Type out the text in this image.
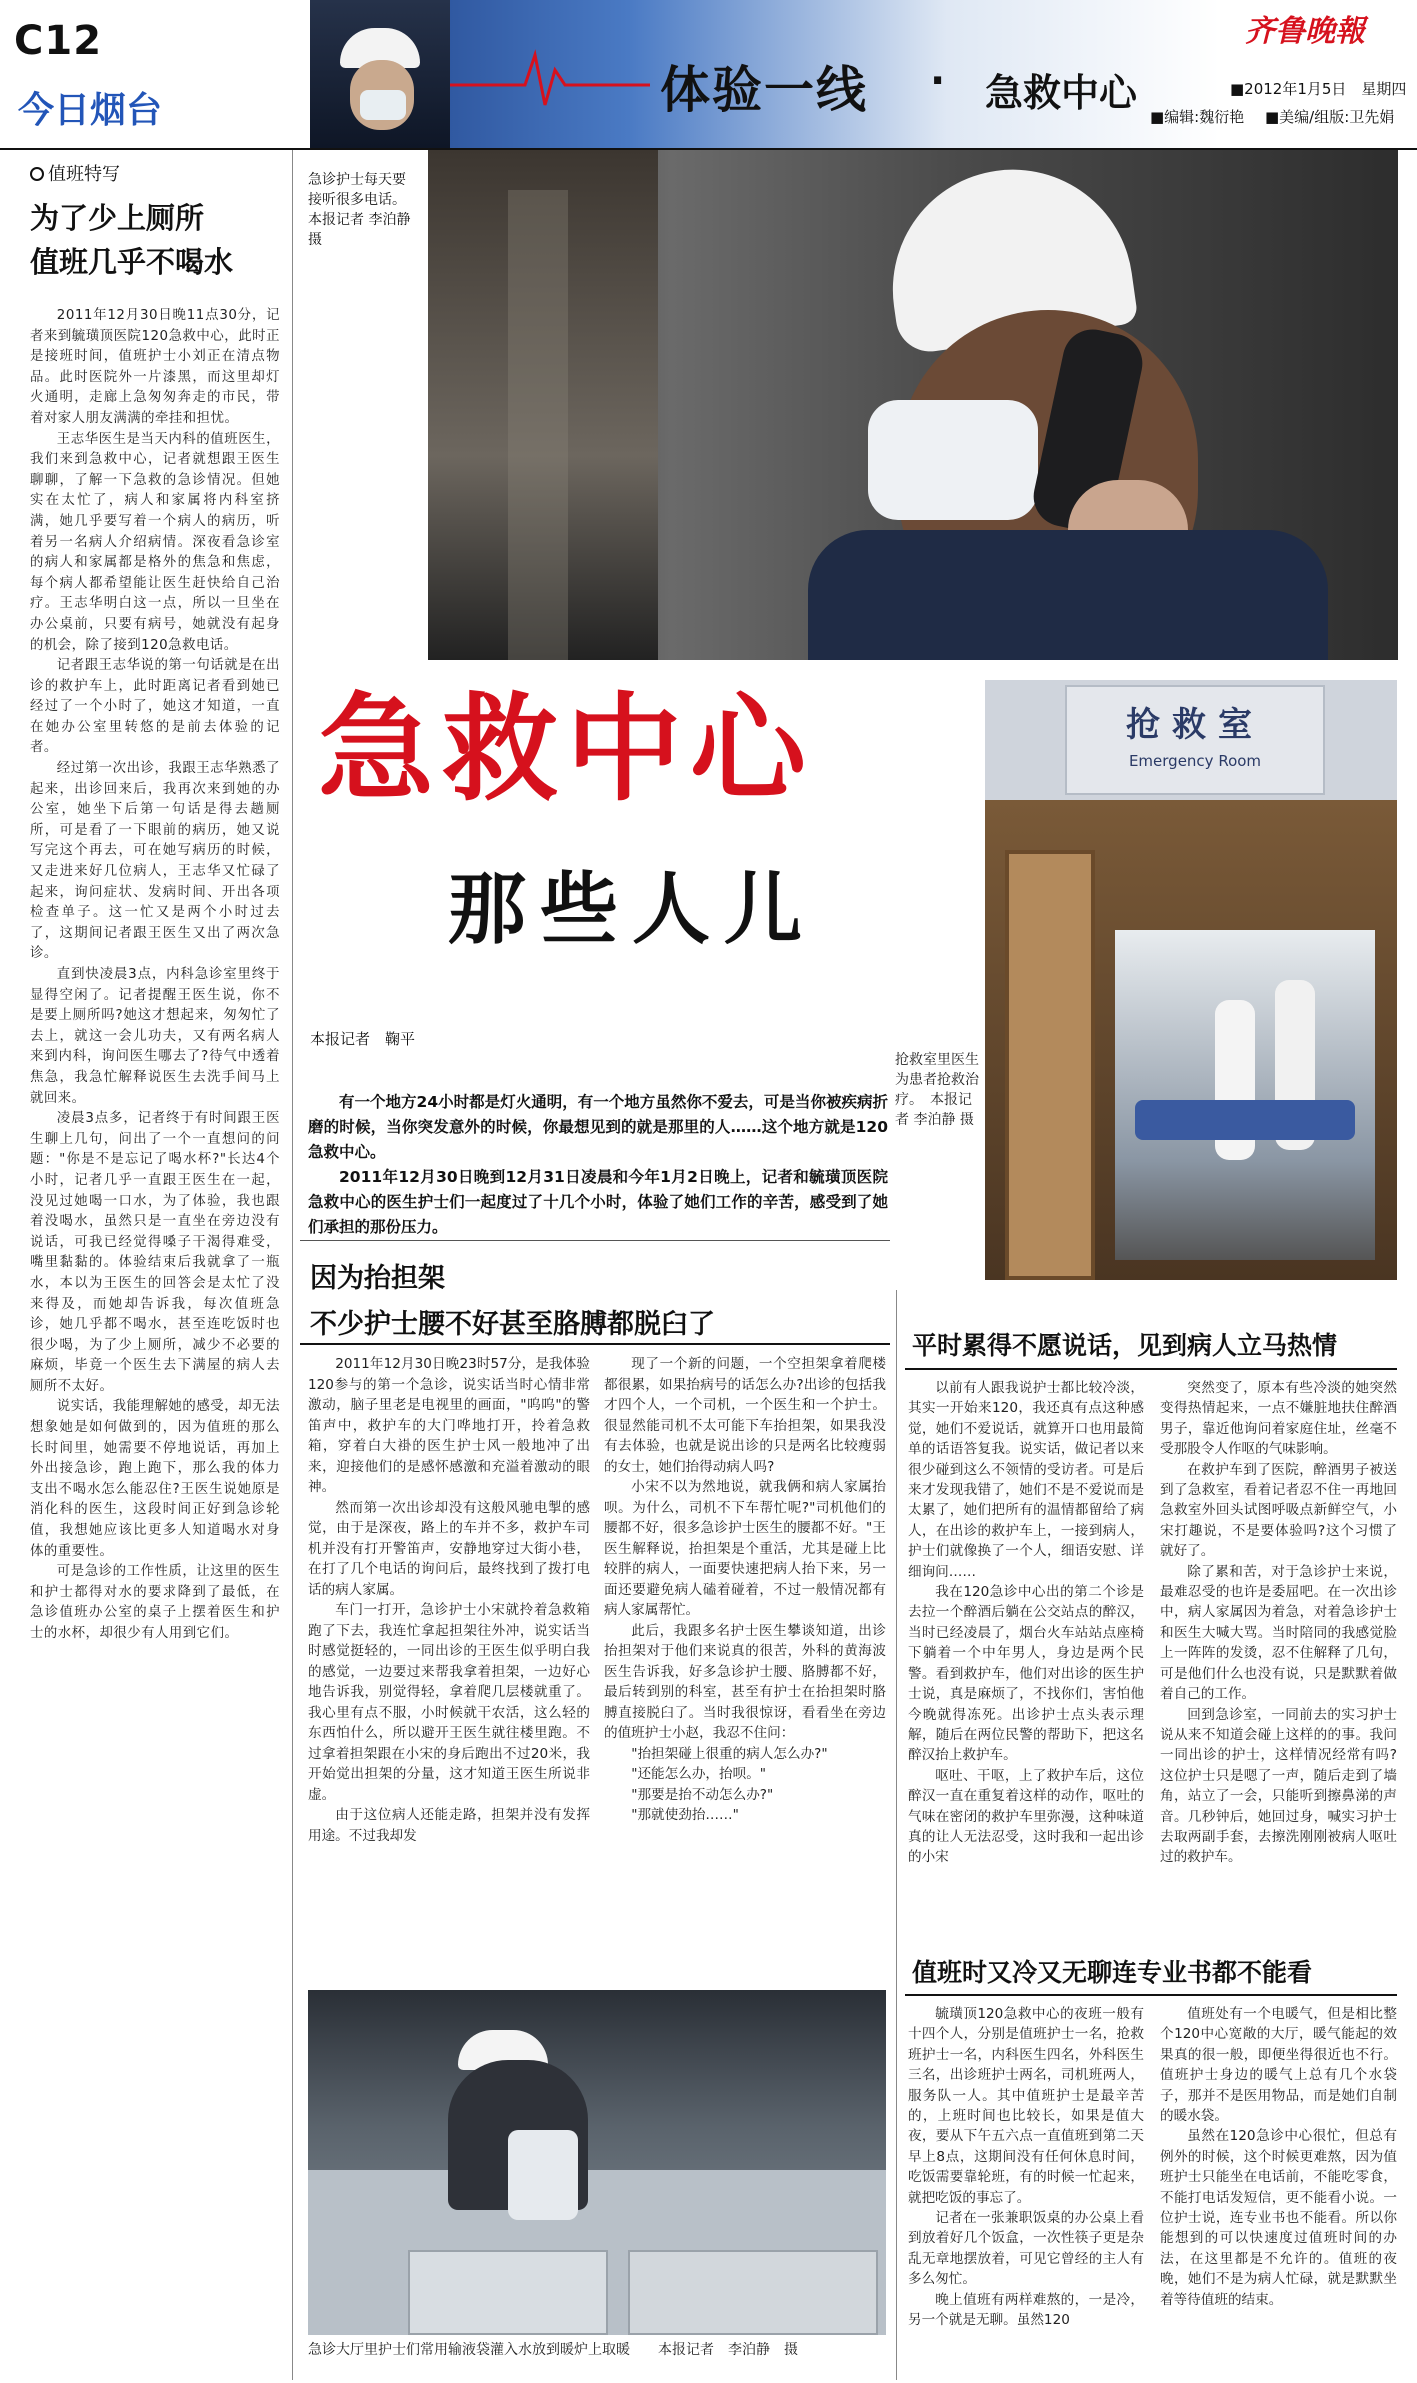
C12
今日烟台	体验一线 · 急救中心
齐鲁晚報
■2012年1月5日　星期四
■编辑:魏衍艳 ■美编/组版:卫先娟
值班特写
为了少上厕所
值班几乎不喝水

2011年12月30日晚11点30分，记者来到毓璜顶医院120急救中心，此时正是接班时间，值班护士小刘正在清点物品。此时医院外一片漆黑，而这里却灯火通明，走廊上急匆匆奔走的市民，带着对家人朋友满满的牵挂和担忧。

王志华医生是当天内科的值班医生，我们来到急救中心，记者就想跟王医生聊聊，了解一下急救的急诊情况。但她实在太忙了，病人和家属将内科室挤满，她几乎要写着一个病人的病历，听着另一名病人介绍病情。深夜看急诊室的病人和家属都是格外的焦急和焦虑，每个病人都希望能让医生赶快给自己治疗。王志华明白这一点，所以一旦坐在办公桌前，只要有病号，她就没有起身的机会，除了接到120急救电话。

记者跟王志华说的第一句话就是在出诊的救护车上，此时距离记者看到她已经过了一个小时了，她这才知道，一直在她办公室里转悠的是前去体验的记者。

经过第一次出诊，我跟王志华熟悉了起来，出诊回来后，我再次来到她的办公室，她坐下后第一句话是得去趟厕所，可是看了一下眼前的病历，她又说写完这个再去，可在她写病历的时候，又走进来好几位病人，王志华又忙碌了起来，询问症状、发病时间、开出各项检查单子。这一忙又是两个小时过去了，这期间记者跟王医生又出了两次急诊。

直到快凌晨3点，内科急诊室里终于显得空闲了。记者提醒王医生说，你不是要上厕所吗?她这才想起来，匆匆忙了去上，就这一会儿功夫，又有两名病人来到内科，询问医生哪去了?待气中透着焦急，我急忙解释说医生去洗手间马上就回来。

凌晨3点多，记者终于有时间跟王医生聊上几句，问出了一个一直想问的问题："你是不是忘记了喝水杯?"长达4个小时，记者几乎一直跟王医生在一起，没见过她喝一口水，为了体验，我也跟着没喝水，虽然只是一直坐在旁边没有说话，可我已经觉得嗓子干渴得难受，嘴里黏黏的。体验结束后我就拿了一瓶水，本以为王医生的回答会是太忙了没来得及，而她却告诉我，每次值班急诊，她几乎都不喝水，甚至连吃饭时也很少喝，为了少上厕所，减少不必要的麻烦，毕竟一个医生去下满屋的病人去厕所不太好。

说实话，我能理解她的感受，却无法想象她是如何做到的，因为值班的那么长时间里，她需要不停地说话，再加上外出接急诊，跑上跑下，那么我的体力支出不喝水怎么能忍住?王医生说她原是消化科的医生，这段时间正好到急诊轮值，我想她应该比更多人知道喝水对身体的重要性。

可是急诊的工作性质，让这里的医生和护士都得对水的要求降到了最低，在急诊值班办公室的桌子上摆着医生和护士的水杯，却很少有人用到它们。

急诊护士每天要接听很多电话。　本报记者 李泊静 摄
抢救室
Emergency Room
抢救室里医生为患者抢救治疗。　本报记者 李泊静 摄
急救中心
那些人儿
本报记者　鞠平

有一个地方24小时都是灯火通明，有一个地方虽然你不爱去，可是当你被疾病折磨的时候，当你突发意外的时候，你最想见到的就是那里的人……这个地方就是120急救中心。

2011年12月30日晚到12月31日凌晨和今年1月2日晚上，记者和毓璜顶医院急救中心的医生护士们一起度过了十几个小时，体验了她们工作的辛苦，感受到了她们承担的那份压力。

因为抬担架
不少护士腰不好甚至胳膊都脱臼了

2011年12月30日晚23时57分，是我体验120参与的第一个急诊，说实话当时心情非常激动，脑子里老是电视里的画面，"呜呜"的警笛声中，救护车的大门哗地打开，拎着急救箱，穿着白大褂的医生护士风一般地冲了出来，迎接他们的是感怀感激和充溢着激动的眼神。

然而第一次出诊却没有这般风驰电掣的感觉，由于是深夜，路上的车并不多，救护车司机并没有打开警笛声，安静地穿过大街小巷，在打了几个电话的询问后，最终找到了拨打电话的病人家属。

车门一打开，急诊护士小宋就拎着急救箱跑了下去，我连忙拿起担架往外冲，说实话当时感觉挺轻的，一同出诊的王医生似乎明白我的感觉，一边要过来帮我拿着担架，一边好心地告诉我，别觉得轻，拿着爬几层楼就重了。我心里有点不服，小时候就干农活，这么轻的东西怕什么，所以避开王医生就往楼里跑。不过拿着担架跟在小宋的身后跑出不过20米，我开始觉出担架的分量，这才知道王医生所说非虚。

由于这位病人还能走路，担架并没有发挥用途。不过我却发

现了一个新的问题，一个空担架拿着爬楼都很累，如果抬病号的话怎么办?出诊的包括我才四个人，一个司机，一个医生和一个护士。很显然能司机不太可能下车抬担架，如果我没有去体验，也就是说出诊的只是两名比较瘦弱的女士，她们抬得动病人吗?

小宋不以为然地说，就我俩和病人家属抬呗。为什么，司机不下车帮忙呢?"司机他们的腰都不好，很多急诊护士医生的腰都不好。"王医生解释说，抬担架是个重活，尤其是碰上比较胖的病人，一面要快速把病人抬下来，另一面还要避免病人磕着碰着，不过一般情况都有病人家属帮忙。

此后，我跟多名护士医生攀谈知道，出诊抬担架对于他们来说真的很苦，外科的黄海波医生告诉我，好多急诊护士腰、胳膊都不好，最后转到别的科室，甚至有护士在抬担架时胳膊直接脱臼了。当时我很惊讶，看看坐在旁边的值班护士小赵，我忍不住问：

"抬担架碰上很重的病人怎么办?"

"还能怎么办，抬呗。"

"那要是抬不动怎么办?"

"那就使劲抬……"

急诊大厅里护士们常用输液袋灌入水放到暖炉上取暖　　本报记者　李泊静　摄
平时累得不愿说话，见到病人立马热情

以前有人跟我说护士都比较冷淡，其实一开始来120，我还真有点这种感觉，她们不爱说话，就算开口也用最简单的话语答复我。说实话，做记者以来很少碰到这么不领情的受访者。可是后来才发现我错了，她们不是不爱说而是太累了，她们把所有的温情都留给了病人，在出诊的救护车上，一接到病人，护士们就像换了一个人，细语安慰、详细询问……

我在120急诊中心出的第二个诊是去拉一个醉酒后躺在公交站点的醉汉，当时已经凌晨了，烟台火车站站点座椅下躺着一个中年男人，身边是两个民警。看到救护车，他们对出诊的医生护士说，真是麻烦了，不找你们，害怕他今晚就得冻死。出诊护士点头表示理解，随后在两位民警的帮助下，把这名醉汉抬上救护车。

呕吐、干呕，上了救护车后，这位醉汉一直在重复着这样的动作，呕吐的气味在密闭的救护车里弥漫，这种味道真的让人无法忍受，这时我和一起出诊的小宋

突然变了，原本有些冷淡的她突然变得热情起来，一点不嫌脏地扶住醉酒男子，靠近他询问着家庭住址，丝毫不受那股令人作呕的气味影响。

在救护车到了医院，醉酒男子被送到了急救室，看着记者忍不住一再地回急救室外回头试图呼吸点新鲜空气，小宋打趣说，不是要体验吗?这个习惯了就好了。

除了累和苦，对于急诊护士来说，最难忍受的也许是委屈吧。在一次出诊中，病人家属因为着急，对着急诊护士和医生大喊大骂。当时陪同的我感觉脸上一阵阵的发烫，忍不住解释了几句，可是他们什么也没有说，只是默默着做着自己的工作。

回到急诊室，一同前去的实习护士说从来不知道会碰上这样的的事。我问一同出诊的护士，这样情况经常有吗?这位护士只是嗯了一声，随后走到了墙角，站立了一会，只能听到擦鼻涕的声音。几秒钟后，她回过身，喊实习护士去取两副手套，去擦洗刚刚被病人呕吐过的救护车。

值班时又冷又无聊连专业书都不能看

毓璜顶120急救中心的夜班一般有十四个人，分别是值班护士一名，抢救班护士一名，内科医生四名，外科医生三名，出诊班护士两名，司机班两人，服务队一人。其中值班护士是最辛苦的，上班时间也比较长，如果是值大夜，要从下午五六点一直值班到第二天早上8点，这期间没有任何休息时间，吃饭需要靠轮班，有的时候一忙起来，就把吃饭的事忘了。

记者在一张兼职饭桌的办公桌上看到放着好几个饭盒，一次性筷子更是杂乱无章地摆放着，可见它曾经的主人有多么匆忙。

晚上值班有两样难熬的，一是冷，另一个就是无聊。虽然120

值班处有一个电暖气，但是相比整个120中心宽敞的大厅，暖气能起的效果真的很一般，即便坐得很近也不行。值班护士身边的暖气上总有几个水袋子，那并不是医用物品，而是她们自制的暖水袋。

虽然在120急诊中心很忙，但总有例外的时候，这个时候更难熬，因为值班护士只能坐在电话前，不能吃零食，不能打电话发短信，更不能看小说。一位护士说，连专业书也不能看。所以你能想到的可以快速度过值班时间的办法，在这里都是不允许的。值班的夜晚，她们不是为病人忙碌，就是默默坐着等待值班的结束。
